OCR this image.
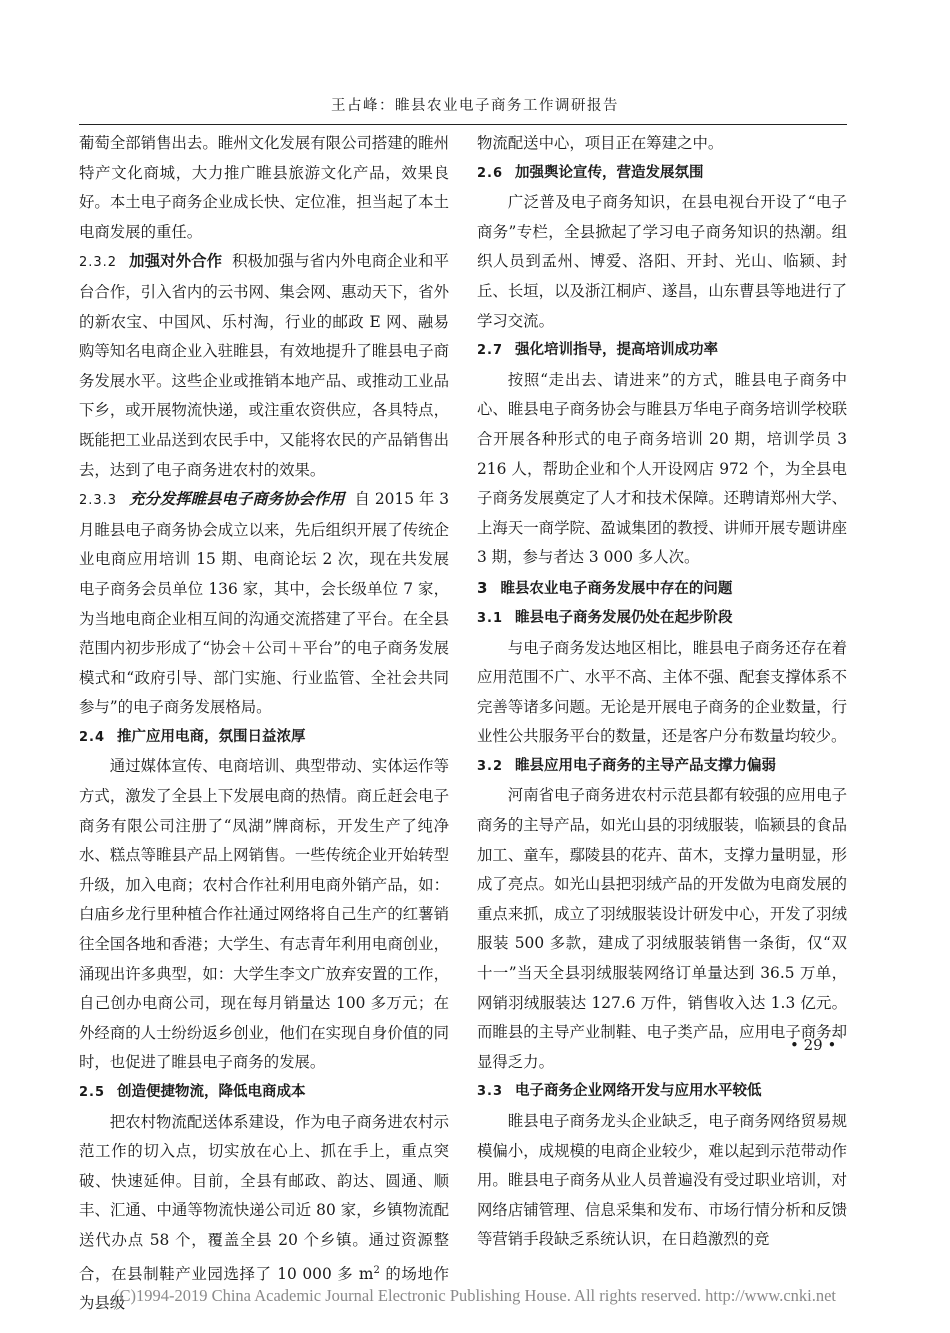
王占峰：睢县农业电子商务工作调研报告

葡萄全部销售出去。睢州文化发展有限公司搭建的睢州特产文化商城，大力推广睢县旅游文化产品，效果良好。本土电子商务企业成长快、定位准，担当起了本土电商发展的重任。

2.3.2 加强对外合作 积极加强与省内外电商企业和平台合作，引入省内的云书网、集会网、惠动天下，省外的新农宝、中国风、乐村淘，行业的邮政 E 网、融易购等知名电商企业入驻睢县，有效地提升了睢县电子商务发展水平。这些企业或推销本地产品、或推动工业品下乡，或开展物流快递，或注重农资供应，各具特点，既能把工业品送到农民手中，又能将农民的产品销售出去，达到了电子商务进农村的效果。

2.3.3 充分发挥睢县电子商务协会作用 自 2015 年 3 月睢县电子商务协会成立以来，先后组织开展了传统企业电商应用培训 15 期、电商论坛 2 次，现在共发展电子商务会员单位 136 家，其中，会长级单位 7 家，为当地电商企业相互间的沟通交流搭建了平台。在全县范围内初步形成了“协会＋公司＋平台”的电子商务发展模式和“政府引导、部门实施、行业监管、全社会共同参与”的电子商务发展格局。

2.4 推广应用电商，氛围日益浓厚

通过媒体宣传、电商培训、典型带动、实体运作等方式，激发了全县上下发展电商的热情。商丘赶会电子商务有限公司注册了“凤湖”牌商标，开发生产了纯净水、糕点等睢县产品上网销售。一些传统企业开始转型升级，加入电商；农村合作社利用电商外销产品，如：白庙乡龙行里种植合作社通过网络将自己生产的红薯销往全国各地和香港；大学生、有志青年利用电商创业，涌现出许多典型，如：大学生李文广放弃安置的工作，自己创办电商公司，现在每月销量达 100 多万元；在外经商的人士纷纷返乡创业，他们在实现自身价值的同时，也促进了睢县电子商务的发展。

2.5 创造便捷物流，降低电商成本

把农村物流配送体系建设，作为电子商务进农村示范工作的切入点，切实放在心上、抓在手上，重点突破、快速延伸。目前，全县有邮政、韵达、圆通、顺丰、汇通、中通等物流快递公司近 80 家，乡镇物流配送代办点 58 个，覆盖全县 20 个乡镇。通过资源整合，在县制鞋产业园选择了 10 000 多 $m^2$ 的场地作为县级

物流配送中心，项目正在筹建之中。

2.6 加强舆论宣传，营造发展氛围

广泛普及电子商务知识，在县电视台开设了“电子商务”专栏，全县掀起了学习电子商务知识的热潮。组织人员到孟州、博爱、洛阳、开封、光山、临颍、封丘、长垣，以及浙江桐庐、遂昌，山东曹县等地进行了学习交流。

2.7 强化培训指导，提高培训成功率

按照“走出去、请进来”的方式，睢县电子商务中心、睢县电子商务协会与睢县万华电子商务培训学校联合开展各种形式的电子商务培训 20 期，培训学员 3 216 人，帮助企业和个人开设网店 972 个，为全县电子商务发展奠定了人才和技术保障。还聘请郑州大学、上海天一商学院、盈诚集团的教授、讲师开展专题讲座 3 期，参与者达 3 000 多人次。

3 睢县农业电子商务发展中存在的问题
3.1 睢县电子商务发展仍处在起步阶段

与电子商务发达地区相比，睢县电子商务还存在着应用范围不广、水平不高、主体不强、配套支撑体系不完善等诸多问题。无论是开展电子商务的企业数量，行业性公共服务平台的数量，还是客户分布数量均较少。

3.2 睢县应用电子商务的主导产品支撑力偏弱

河南省电子商务进农村示范县都有较强的应用电子商务的主导产品，如光山县的羽绒服装，临颍县的食品加工、童车，鄢陵县的花卉、苗木，支撑力量明显，形成了亮点。如光山县把羽绒产品的开发做为电商发展的重点来抓，成立了羽绒服装设计研发中心，开发了羽绒服装 500 多款，建成了羽绒服装销售一条街，仅“双十一”当天全县羽绒服装网络订单量达到 36.5 万单，网销羽绒服装达 127.6 万件，销售收入达 1.3 亿元。而睢县的主导产业制鞋、电子类产品，应用电子商务却显得乏力。

3.3 电子商务企业网络开发与应用水平较低

睢县电子商务龙头企业缺乏，电子商务网络贸易规模偏小，成规模的电商企业较少，难以起到示范带动作用。睢县电子商务从业人员普遍没有受过职业培训，对网络店铺管理、信息采集和发布、市场行情分析和反馈等营销手段缺乏系统认识，在日趋激烈的竞

• 29 •
(C)1994-2019 China Academic Journal Electronic Publishing House. All rights reserved. http://www.cnki.net
